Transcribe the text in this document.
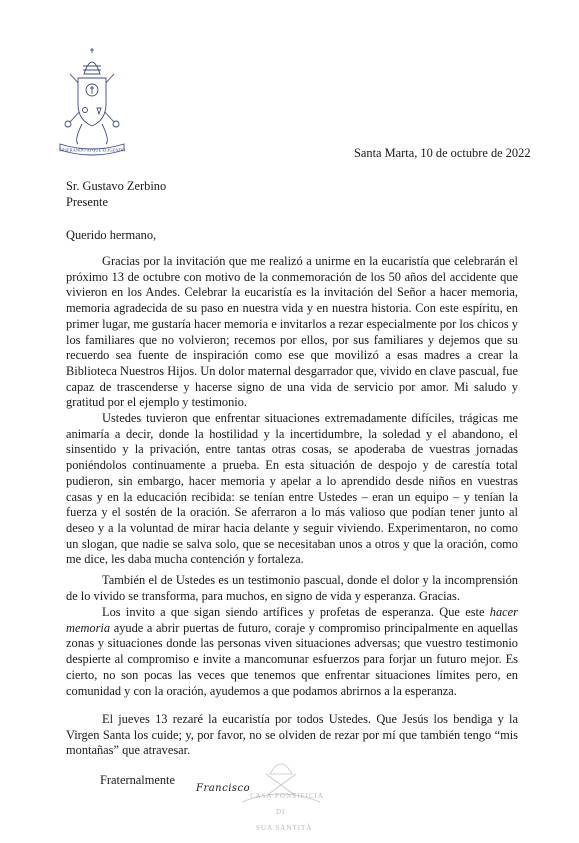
MISERANDO ATQUE ELIGENDO	Santa Marta, 10 de octubre de 2022
Sr. Gustavo Zerbino
Presente
Querido hermano,

Gracias por la invitación que me realizó a unirme en la eucaristía que celebrarán el próximo 13 de octubre con motivo de la conmemoración de los 50 años del accidente que vivieron en los Andes. Celebrar la eucaristía es la invitación del Señor a hacer memoria, memoria agradecida de su paso en nuestra vida y en nuestra historia. Con este espíritu, en primer lugar, me gustaría hacer memoria e invitarlos a rezar especialmente por los chicos y los familiares que no volvieron; recemos por ellos, por sus familiares y dejemos que su recuerdo sea fuente de inspiración como ese que movilizó a esas madres a crear la Biblioteca Nuestros Hijos. Un dolor maternal desgarrador que, vivido en clave pascual, fue capaz de trascenderse y hacerse signo de una vida de servicio por amor. Mi saludo y gratitud por el ejemplo y testimonio.

Ustedes tuvieron que enfrentar situaciones extremadamente difíciles, trágicas me animaría a decir, donde la hostilidad y la incertidumbre, la soledad y el abandono, el sinsentido y la privación, entre tantas otras cosas, se apoderaba de vuestras jornadas poniéndolos continuamente a prueba. En esta situación de despojo y de carestía total pudieron, sin embargo, hacer memoria y apelar a lo aprendido desde niños en vuestras casas y en la educación recibida: se tenían entre Ustedes – eran un equipo – y tenían la fuerza y el sostén de la oración. Se aferraron a lo más valioso que podían tener junto al deseo y a la voluntad de mirar hacia delante y seguir viviendo. Experimentaron, no como un slogan, que nadie se salva solo, que se necesitaban unos a otros y que la oración, como me dice, les daba mucha contención y fortaleza.

También el de Ustedes es un testimonio pascual, donde el dolor y la incomprensión de lo vivido se transforma, para muchos, en signo de vida y esperanza. Gracias.

Los invito a que sigan siendo artífices y profetas de esperanza. Que este hacer memoria ayude a abrir puertas de futuro, coraje y compromiso principalmente en aquellas zonas y situaciones donde las personas viven situaciones adversas; que vuestro testimonio despierte al compromiso e invite a mancomunar esfuerzos para forjar un futuro mejor. Es cierto, no son pocas las veces que tenemos que enfrentar situaciones límites pero, en comunidad y con la oración, ayudemos a que podamos abrirnos a la esperanza.

El jueves 13 rezaré la eucaristía por todos Ustedes. Que Jesús los bendiga y la Virgen Santa los cuide; y, por favor, no se olviden de rezar por mí que también tengo “mis montañas” que atravesar.

Fraternalmente
Francisco
CASA PONTIFICIA
DI
SUA SANTITÀ
